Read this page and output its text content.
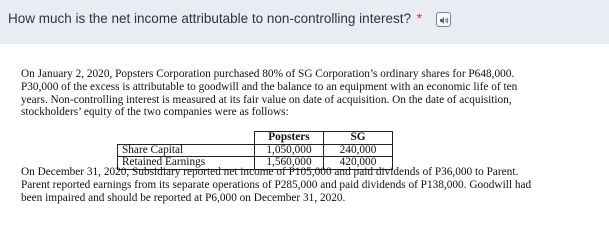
How much is the net income attributable to non-controlling interest? *
On January 2, 2020, Popsters Corporation purchased 80% of SG Corporation’s ordinary shares for P648,000.
P30,000 of the excess is attributable to goodwill and the balance to an equipment with an economic life of ten
years. Non-controlling interest is measured at its fair value on date of acquisition. On the date of acquisition,
stockholders’ equity of the two companies were as follows:
	Popsters	SG
Share Capital	1,050,000	240,000
Retained Earnings	1,560,000	420,000
On December 31, 2020, Subsidiary reported net income of P105,000 and paid dividends of P36,000 to Parent.
Parent reported earnings from its separate operations of P285,000 and paid dividends of P138,000. Goodwill had
been impaired and should be reported at P6,000 on December 31, 2020.
